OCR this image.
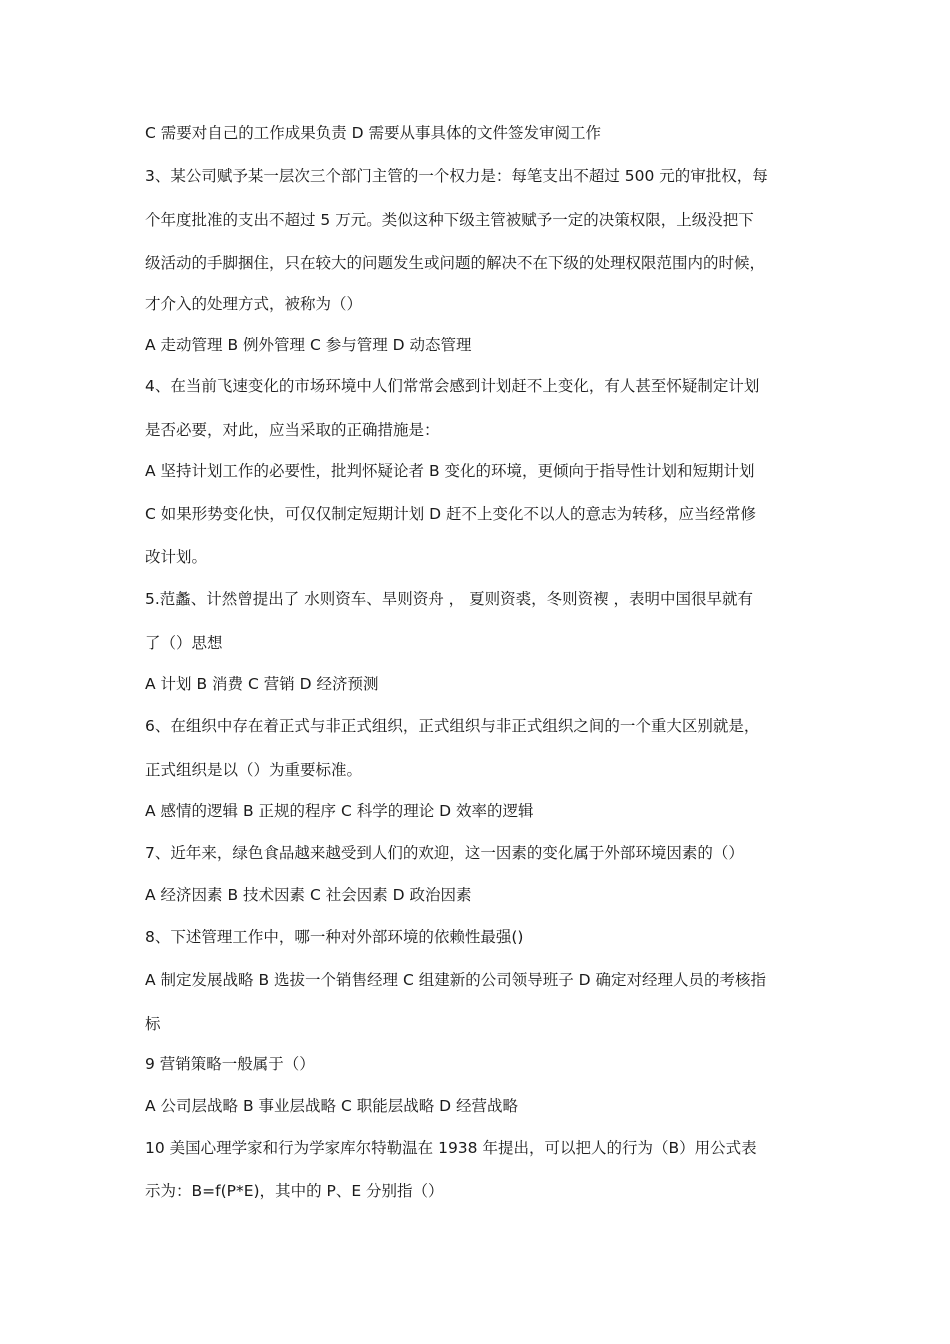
C 需要对自己的工作成果负责 D 需要从事具体的文件签发审阅工作
3、某公司赋予某一层次三个部门主管的一个权力是：每笔支出不超过 500 元的审批权，每
个年度批准的支出不超过 5 万元。类似这种下级主管被赋予一定的决策权限，上级没把下
级活动的手脚捆住，只在较大的问题发生或问题的解决不在下级的处理权限范围内的时候，
才介入的处理方式，被称为（）
A 走动管理 B 例外管理 C 参与管理 D 动态管理
4、在当前飞速变化的市场环境中人们常常会感到计划赶不上变化，有人甚至怀疑制定计划
是否必要，对此，应当采取的正确措施是：
A 坚持计划工作的必要性，批判怀疑论者 B 变化的环境，更倾向于指导性计划和短期计划
C 如果形势变化快，可仅仅制定短期计划 D 赶不上变化不以人的意志为转移，应当经常修
改计划。
5.范蠡、计然曾提出了 水则资车、旱则资舟 ， 夏则资裘，冬则资褉 ，表明中国很早就有
了（）思想
A 计划 B 消费 C 营销 D 经济预测
6、在组织中存在着正式与非正式组织，正式组织与非正式组织之间的一个重大区别就是，
正式组织是以（）为重要标准。
A 感情的逻辑 B 正规的程序 C 科学的理论 D 效率的逻辑
7、近年来，绿色食品越来越受到人们的欢迎，这一因素的变化属于外部环境因素的（）
A 经济因素 B 技术因素 C 社会因素 D 政治因素
8、下述管理工作中，哪一种对外部环境的依赖性最强()
A 制定发展战略 B 选拔一个销售经理 C 组建新的公司领导班子 D 确定对经理人员的考核指
标
9 营销策略一般属于（）
A 公司层战略 B 事业层战略 C 职能层战略 D 经营战略
10 美国心理学家和行为学家库尔特勒温在 1938 年提出，可以把人的行为（B）用公式表
示为：B=f(P*E)，其中的 P、E 分别指（）
